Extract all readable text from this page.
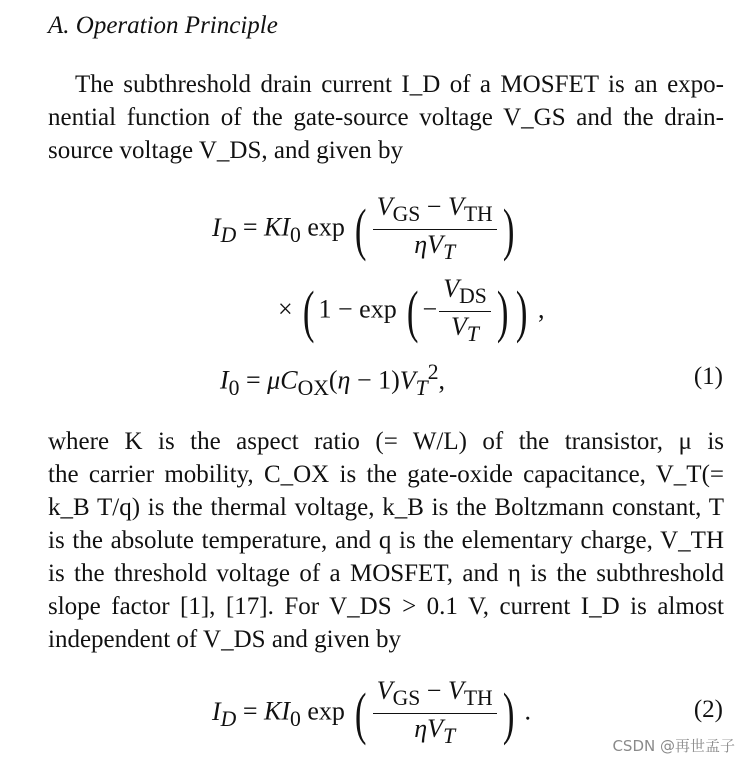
A. Operation Principle
The subthreshold drain current I_D of a MOSFET is an expo-
nential function of the gate-source voltage V_GS and the drain-
source voltage V_DS, and given by
$I_D = KI_0$ exp ( $\frac{V_{GS} - V_{TH}}{\eta V_T}$ )
× ( 1 − exp ( − $\frac{V_{DS}}{V_T}$ ) ) ,
$I_0 = \mu C_{OX}(\eta - 1)V_T^2$,	(1)
where K is the aspect ratio (= W/L) of the transistor, μ is
the carrier mobility, C_OX is the gate-oxide capacitance, V_T(=
k_B T/q) is the thermal voltage, k_B is the Boltzmann constant, T
is the absolute temperature, and q is the elementary charge, V_TH
is the threshold voltage of a MOSFET, and η is the subthreshold
slope factor [1], [17]. For V_DS > 0.1 V, current I_D is almost
independent of V_DS and given by
$I_D = KI_0$ exp ( $\frac{V_{GS} - V_{TH}}{\eta V_T}$ ) .	(2)
CSDN @再世孟子
